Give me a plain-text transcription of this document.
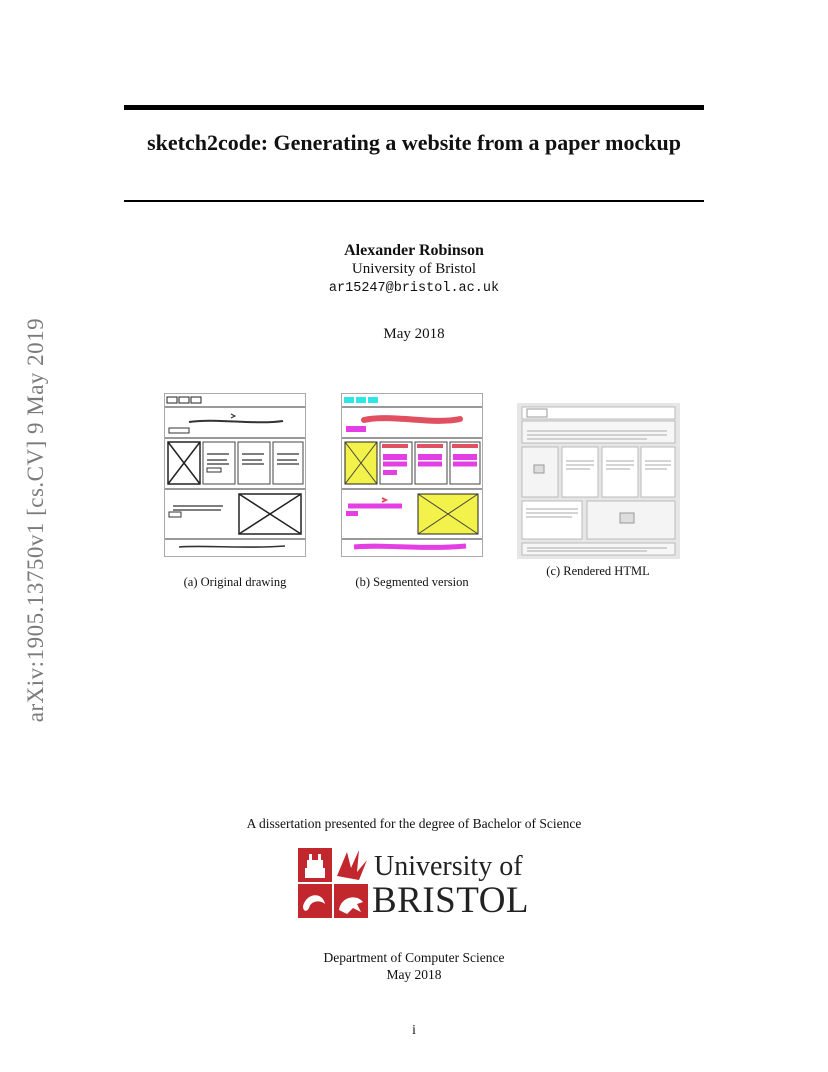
arXiv:1905.13750v1 [cs.CV] 9 May 2019
sketch2code: Generating a website from a paper mockup
Alexander Robinson
University of Bristol
ar15247@bristol.ac.uk
May 2018
(a) Original drawing	(b) Segmented version
(c) Rendered HTML
A dissertation presented for the degree of Bachelor of Science
University of
BRISTOL
Department of Computer Science
May 2018
i
